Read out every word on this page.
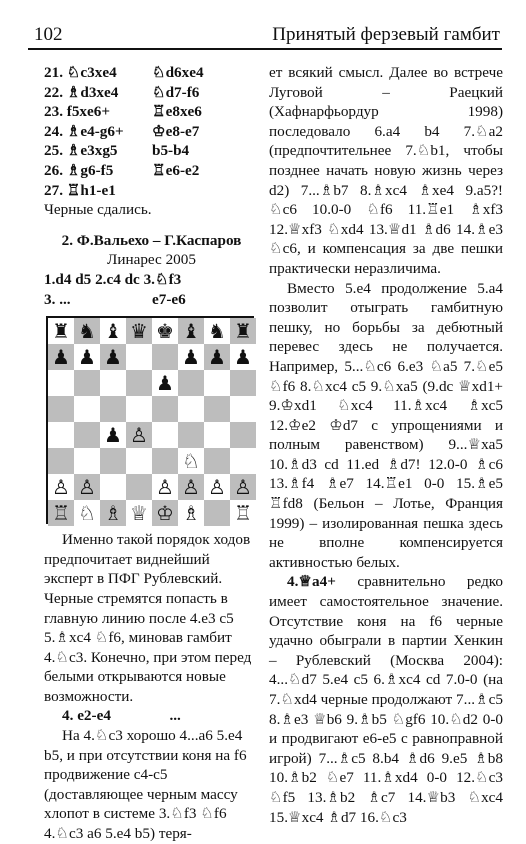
102	Принятый ферзевый гамбит
21. ♘c3xe4	♘d6xe4
22. ♗d3xe4	♘d7-f6
23. f5xe6+	♖e8xe6
24. ♗e4-g6+	♔e8-e7
25. ♗e3xg5	b5-b4
26. ♗g6-f5	♖e6-e2
27. ♖h1-e1

Черные сдались.

2. Ф.Вальехо – Г.Каспаров

Линарес 2005

1.d4 d5 2.c4 dc 3.♘f3

3. ...	e7-e6
♜ ♞ ♝ ♛ ♚ ♝ ♞ ♜
♟ ♟ ♟	♟ ♟ ♟
♟
♟ ♙
♘
♙ ♙	♙ ♙ ♙ ♙
♖ ♘ ♗ ♕ ♔ ♗ ♖

Именно такой порядок ходов предпочитает виднейший эксперт в ПФГ Рублевский. Черные стремятся попасть в главную линию после 4.e3 c5 5.♗xc4 ♘f6, миновав гамбит 4.♘c3. Конечно, при этом перед белыми открываются новые возможности.

4. e2-e4	...

На 4.♘c3 хорошо 4...a6 5.e4 b5, и при отсутствии коня на f6 продвижение c4-c5 (доставляющее черным массу хлопот в системе 3.♘f3 ♘f6 4.♘c3 a6 5.e4 b5) теря-

ет всякий смысл. Далее во встрече Луговой – Раецкий (Хафнарфьордур 1998) последовало 6.a4 b4 7.♘a2 (предпочтительнее 7.♘b1, чтобы позднее начать новую жизнь через d2) 7...♗b7 8.♗xc4 ♗xe4 9.a5?! ♘c6 10.0-0 ♘f6 11.♖e1 ♗xf3 12.♕xf3 ♘xd4 13.♕d1 ♗d6 14.♗e3 ♘c6, и компенсация за две пешки практически неразличима.

Вместо 5.e4 продолжение 5.a4 позволит отыграть гамбитную пешку, но борьбы за дебютный перевес здесь не получается. Например, 5...♘c6 6.e3 ♘a5 7.♘e5 ♘f6 8.♘xc4 c5 9.♘xa5 (9.dc ♕xd1+ 9.♔xd1 ♘xc4 11.♗xc4 ♗xc5 12.♔e2 ♔d7 с упрощениями и полным равенством) 9...♕xa5 10.♗d3 cd 11.ed ♗d7! 12.0-0 ♗c6 13.♗f4 ♗e7 14.♖e1 0-0 15.♗e5 ♖fd8 (Бельон – Лотье, Франция 1999) – изолированная пешка здесь не вполне компенсируется активностью белых.

4.♕a4+ сравнительно редко имеет самостоятельное значение. Отсутствие коня на f6 черные удачно обыграли в партии Хенкин – Рублевский (Москва 2004): 4...♘d7 5.e4 c5 6.♗xc4 cd 7.0-0 (на 7.♘xd4 черные продолжают 7...♗c5 8.♗e3 ♕b6 9.♗b5 ♘gf6 10.♘d2 0-0 и продвигают e6-e5 с равноправной игрой) 7...♗c5 8.b4 ♗d6 9.e5 ♗b8 10.♗b2 ♘e7 11.♗xd4 0-0 12.♘c3 ♘f5 13.♗b2 ♗c7 14.♕b3 ♘xc4 15.♕xc4 ♗d7 16.♘c3
